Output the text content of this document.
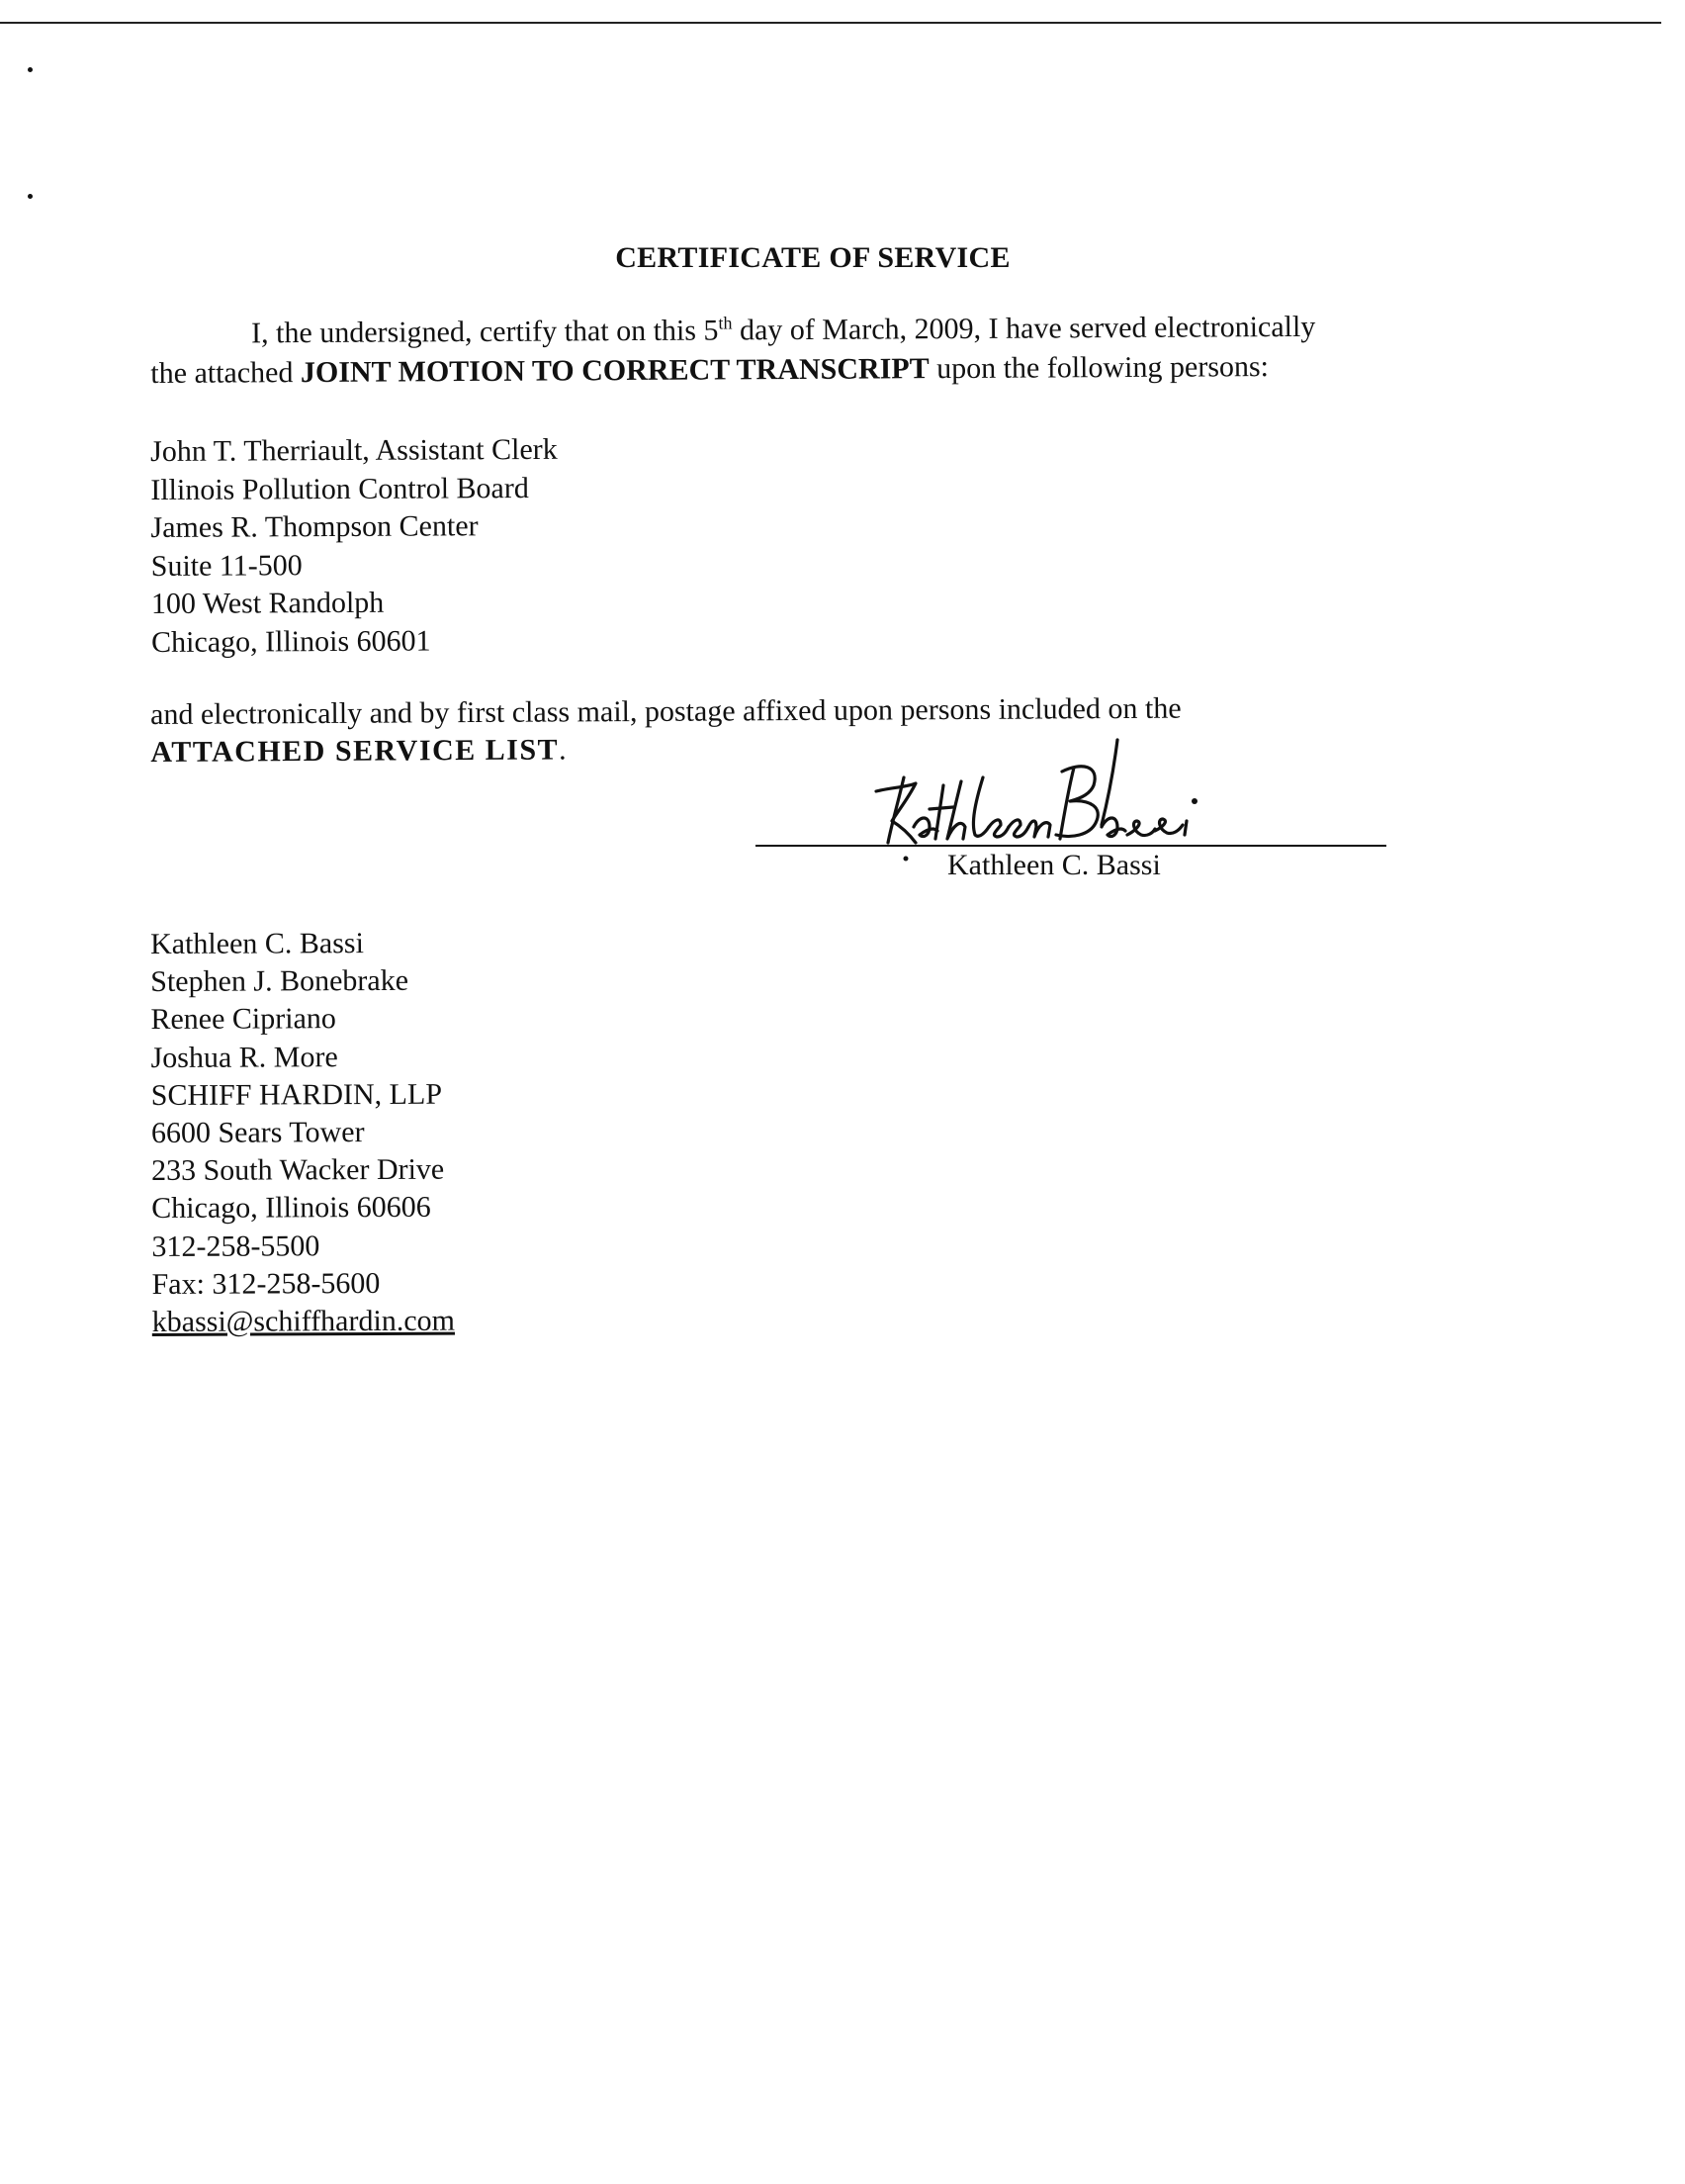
CERTIFICATE OF SERVICE
I, the undersigned, certify that on this 5th day of March, 2009, I have served electronically
the attached JOINT MOTION TO CORRECT TRANSCRIPT upon the following persons:
John T. Therriault, Assistant Clerk
Illinois Pollution Control Board
James R. Thompson Center
Suite 11-500
100 West Randolph
Chicago, Illinois 60601
and electronically and by first class mail, postage affixed upon persons included on the
ATTACHED SERVICE LIST.
Kathleen C. Bassi
Kathleen C. Bassi
Stephen J. Bonebrake
Renee Cipriano
Joshua R. More
SCHIFF HARDIN, LLP
6600 Sears Tower
233 South Wacker Drive
Chicago, Illinois 60606
312-258-5500
Fax: 312-258-5600
kbassi@schiffhardin.com
